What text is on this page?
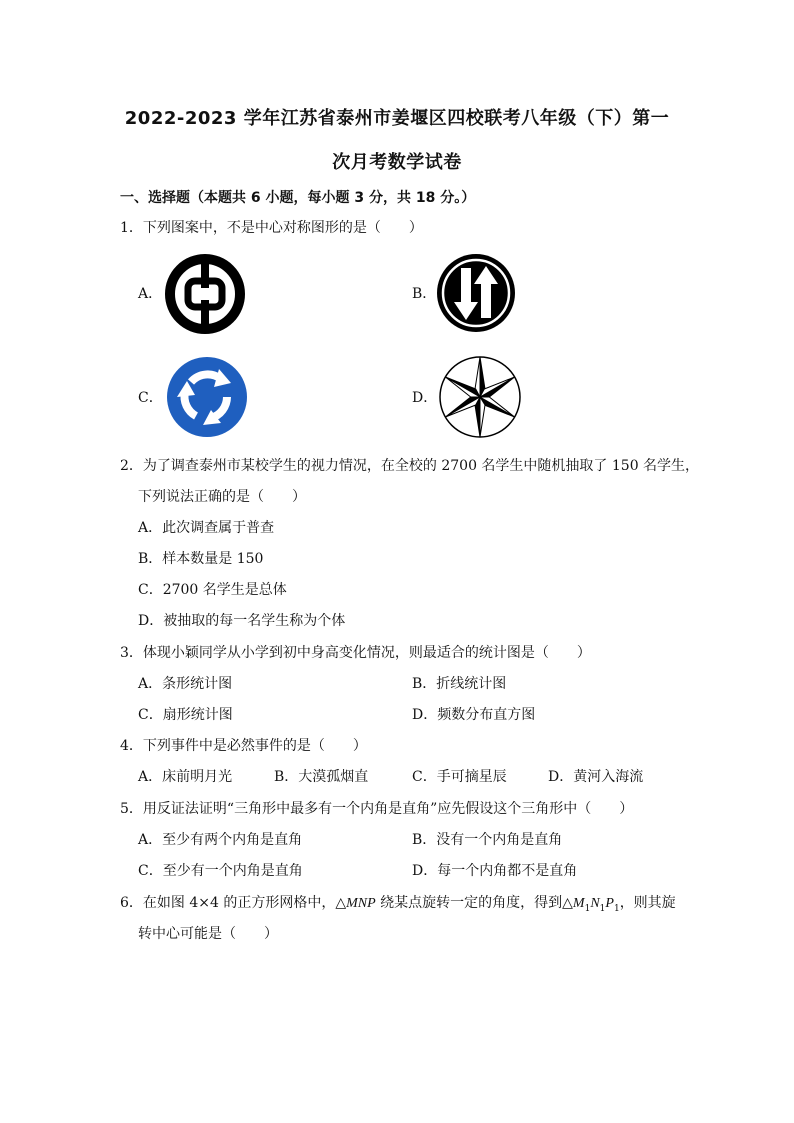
2022-2023 学年江苏省泰州市姜堰区四校联考八年级（下）第一
次月考数学试卷
一、选择题（本题共 6 小题，每小题 3 分，共 18 分。）
1．下列图案中，不是中心对称图形的是（　　）
A．	B．
C．	D．
2．为了调查泰州市某校学生的视力情况，在全校的 2700 名学生中随机抽取了 150 名学生，
下列说法正确的是（　　）
A．此次调查属于普查
B．样本数量是 150
C．2700 名学生是总体
D．被抽取的每一名学生称为个体
3．体现小颖同学从小学到初中身高变化情况，则最适合的统计图是（　　）
A．条形统计图	B．折线统计图
C．扇形统计图	D．频数分布直方图
4．下列事件中是必然事件的是（　　）
A．床前明月光	B．大漠孤烟直	C．手可摘星辰	D．黄河入海流
5．用反证法证明“三角形中最多有一个内角是直角”应先假设这个三角形中（　　）
A．至少有两个内角是直角	B．没有一个内角是直角
C．至少有一个内角是直角	D．每一个内角都不是直角
6．在如图 4×4 的正方形网格中，△MNP 绕某点旋转一定的角度，得到$\triangle M_1N_1P_1$，则其旋
转中心可能是（　　）
